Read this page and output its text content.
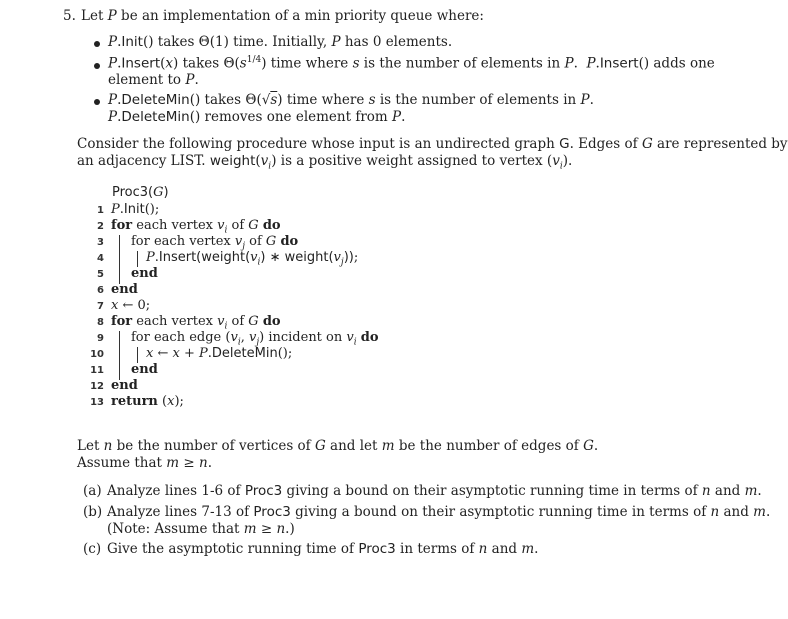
5. Let P be an implementation of a min priority queue where:
P.Init() takes Θ(1) time. Initially, P has 0 elements.
P.Insert(x) takes $\Theta(s^{1/4})$ time where s is the number of elements in P.  P.Insert() adds one
element to P.
P.DeleteMin() takes Θ(√s) time where s is the number of elements in P.
P.DeleteMin() removes one element from P.
Consider the following procedure whose input is an undirected graph G. Edges of G are represented by
an adjacency LIST. $weight(v_i)$ is a positive weight assigned to vertex $(v_i)$.
Proc3(G)
1 P.Init();
2 for each vertex $v_i$ of G do
3 for each vertex $v_j$ of G do
4	$P.Insert(weight(v_i)$ ∗ $weight(v_j)$);
5 end
6 end
7 x ← 0;
8 for each vertex $v_i$ of G do
9 for each edge ($v_i$, $v_j$) incident on $v_i$ do
10	x ← x + P.DeleteMin();
11 end
12 end
13 return (x);
Let n be the number of vertices of G and let m be the number of edges of G.
Assume that m ≥ n.
(a) Analyze lines 1-6 of Proc3 giving a bound on their asymptotic running time in terms of n and m.
(b) Analyze lines 7-13 of Proc3 giving a bound on their asymptotic running time in terms of n and m.
(Note: Assume that m ≥ n.)
(c) Give the asymptotic running time of Proc3 in terms of n and m.
